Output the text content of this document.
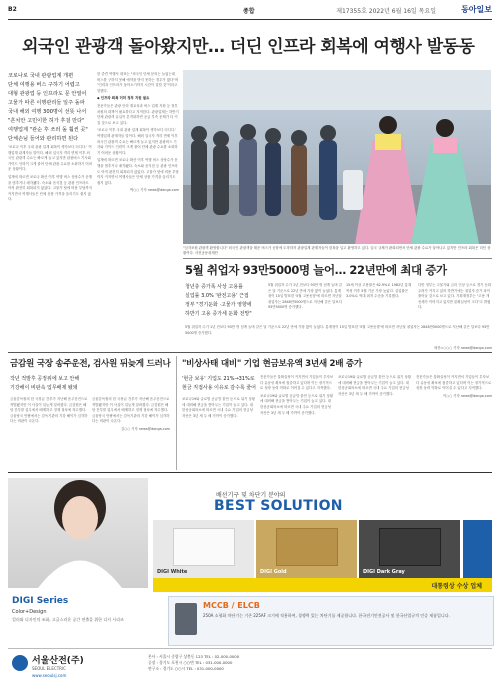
B2	종합	제17355호 2022년 6월 16일 목요일	동아일보
외국인 관광객 돌아왔지만… 더딘 인프라 회복에 여행사 발동동
코로나로 국내 관광업계 개편
단체 여행용 버스 구하기 어렵고
대형 관광업 등 인프라도 문 안열어
고물가 따른 이행관리들 일주 돌파
국내 해외 여행 300명이 선뜻 나서
"흔치안 고민이한 허가 후걸 만다"
여행업계 "관순 후 쓰러 돌 훨씬 곳"
단체손님 들어와 관리하면 된다

'코로나 이후 국내 관광 업계 회복이 생각보다 더디다.' 여행업계 관계자들 말이다. 해외 입국자 격리 면제 이후 외국인 관광객 수요는 빠르게 늘고 있지만 관광버스 기사와 가이드 인력이 크게 줄어 단체 관광 수요를 소화하기 어려운 상황이다.

업계에 따르면 코로나 확산 이후 여행 버스 상당수가 운행을 멈추거나 매각됐다. 숙소와 음식점 등 관광 인프라도 아직 완전히 회복되지 않았다. 고물가 탓에 비용 부담까지 커지면서 여행사들은 단체 상품 가격을 올리기도 쉽지 않다.

한 중견 여행사 대표는 "외국인 단체 문의는 늘었는데 버스를 구하지 못해 예약을 받지 못하는 경우가 많다"며 "인력과 인프라가 돌아오기까지 시간이 걸릴 것"이라고 말했다.

◆ 인프라 회복 더뎌 정부 지원 필요

전문가들은 관광 인력 재교육과 버스 업계 지원 등 정부 차원의 대책이 필요하다고 지적한다. 관광업계는 하반기 단체 관광객 유입이 본격화하면 공급 부족 문제가 더 커질 것으로 보고 있다.

'코로나 이후 국내 관광 업계 회복이 생각보다 더디다.' 여행업계 관계자들 말이다. 해외 입국자 격리 면제 이후 외국인 관광객 수요는 빠르게 늘고 있지만 관광버스 기사와 가이드 인력이 크게 줄어 단체 관광 수요를 소화하기 어려운 상황이다.

업계에 따르면 코로나 확산 이후 여행 버스 상당수가 운행을 멈추거나 매각됐다. 숙소와 음식점 등 관광 인프라도 아직 완전히 회복되지 않았다. 고물가 탓에 비용 부담까지 커지면서 여행사들은 단체 상품 가격을 올리기도 쉽지 않다.

박○○ 기자 news@donga.com
"심각조원 관광객 환영합니다" 외국인 관광객을 태운 버스가 공항에 도착하자 관광업계 관계자들이 한복을 입고 환영하고 있다. 입국 규제가 완화되면서 단체 관광 수요가 살아나고 있지만 인프라 회복은 더딘 상황이다. 사진공동취재단
5월 취업자 93만5000명 늘어… 22년만에 최대 증가
청년층 증가폭 사상 고용률
실업률 3.0% '완전고용' 근접
정부 "경기둔화 ·고물가 영향에
하반기 고용 증가세 둔화 전망"

5월 취업자 수가 1년 전보다 93만 명 넘게 늘며 같은 달 기준으로 22년 만에 가장 많이 늘었다. 통계청이 15일 발표한 '5월 고용동향'에 따르면 지난달 취업자는 2848만5000명으로 지난해 같은 달보다 93만5000명 증가했다.

15세 이상 고용률은 62.9%로 1982년 통계 작성 이후 5월 기준 가장 높았다. 실업률은 3.0%로 역대 최저 수준을 기록했다.

다만 정부는 고물가와 금리 인상 등으로 경기 둔화 우려가 커지고 있어 하반기에는 취업자 증가 폭이 줄어들 것으로 보고 있다. 기획재정부는 "고용 개선세가 이어지고 있지만 불확실성이 크다"고 밝혔다.

5월 취업자 수가 1년 전보다 93만 명 넘게 늘며 같은 달 기준으로 22년 만에 가장 많이 늘었다. 통계청이 15일 발표한 '5월 고용동향'에 따르면 지난달 취업자는 2848만5000명으로 지난해 같은 달보다 93만5000명 증가했다.

세종=○○○ 기자 news@donga.com
금감원 국장 송주운전, 검사원 뒤늦게 드러나
작년 적발후 공정위에 보고 안해
기강해이 비판속 업무배제 됐돼

금융감독원의 한 국장급 간부가 지난해 음주운전으로 적발됐지만 이 사실이 뒤늦게 알려졌다. 금감원은 해당 간부를 업무에서 배제하고 징계 절차에 착수했다. 금융당국 안팎에서는 감독기관의 기강 해이가 심각하다는 비판이 나온다.

금융감독원의 한 국장급 간부가 지난해 음주운전으로 적발됐지만 이 사실이 뒤늦게 알려졌다. 금감원은 해당 간부를 업무에서 배제하고 징계 절차에 착수했다. 금융당국 안팎에서는 감독기관의 기강 해이가 심각하다는 비판이 나온다.

김○○ 기자 news@donga.com
"비상사태 대비" 기업 현금보유액 3년새 2배 증가
'현금 보유' 기업도 21%→31%로
현금 직접사용 이유로 감수록 줄어

코로나19와 글로벌 공급망 불안 등으로 위기 상황에 대비해 현금을 쌓아두는 기업이 늘고 있다. 대한상공회의소에 따르면 국내 주요 기업의 현금성 자산은 3년 새 두 배 가까이 증가했다.

전문가들은 불확실성이 커지면서 기업들이 투자보다 유동성 확보에 집중하고 있다며 이는 장기적으로 성장 동력 약화로 이어질 수 있다고 지적했다.

코로나19와 글로벌 공급망 불안 등으로 위기 상황에 대비해 현금을 쌓아두는 기업이 늘고 있다. 대한상공회의소에 따르면 국내 주요 기업의 현금성 자산은 3년 새 두 배 가까이 증가했다.

코로나19와 글로벌 공급망 불안 등으로 위기 상황에 대비해 현금을 쌓아두는 기업이 늘고 있다. 대한상공회의소에 따르면 국내 주요 기업의 현금성 자산은 3년 새 두 배 가까이 증가했다.

전문가들은 불확실성이 커지면서 기업들이 투자보다 유동성 확보에 집중하고 있다며 이는 장기적으로 성장 동력 약화로 이어질 수 있다고 지적했다.

이○○ 기자 news@donga.com
배선기구 및 차단기 분야의
BEST SOLUTION
DIGI White	DIGI Gold	DIGI Dark Gray
대통령상 수상 업체
DIGI Series
Color+Design
컬러와 디자인의 조화, 고급스러운 공간 연출을 위한 디지 시리즈
MCCB / ELCB
250A 소형화 차단기는 기존 225AF 크기에 적용하여, 경쟁력 있는 차단기를 제공합니다. 한국전기안전공사 및 한국산업규격 인증 제품입니다.
서울산전(주)
SEOUL ELECTRIC
www.seoulsj.com
본사 : 서울시 중랑구 상봉동 123 TEL : 02-000-0000
공장 : 경기도 포천시 ○○면 TEL : 031-000-0000
연구소 : 경기도 ○○시 TEL : 031-000-0000
